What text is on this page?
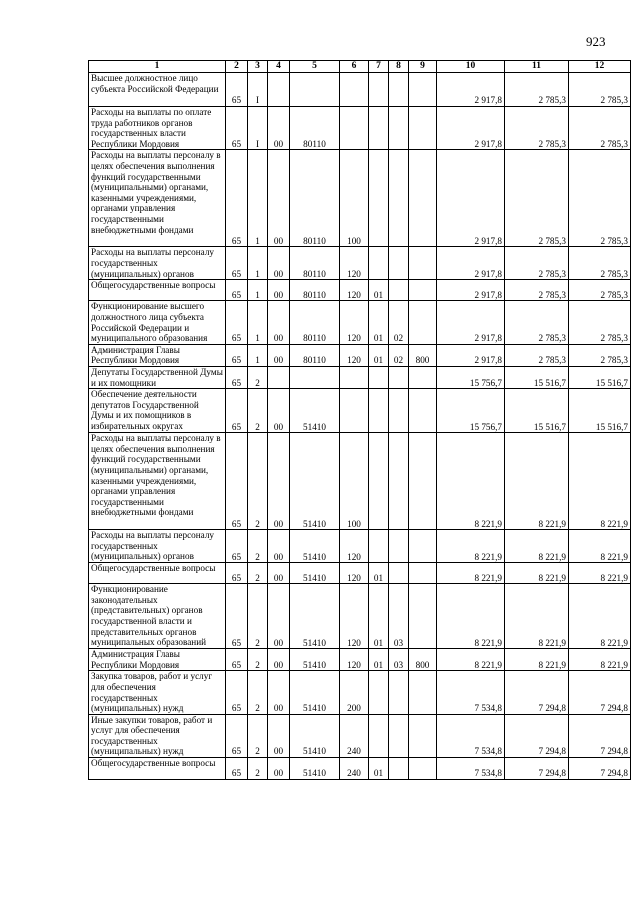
923
1	2	3	4	5	6	7	8	9	10	11	12
Высшее должностное лицо субъекта Российской Федерации	65	I							2 917,8	2 785,3	2 785,3
Расходы на выплаты по оплате труда работников органов государственных власти Республики Мордовия	65	I	00	80110					2 917,8	2 785,3	2 785,3
Расходы на выплаты персоналу в целях обеспечения выполнения функций государственными (муниципальными) органами, казенными учреждениями, органами управления государственными внебюджетными фондами	65	1	00	80110	100				2 917,8	2 785,3	2 785,3
Расходы на выплаты персоналу государственных (муниципальных) органов	65	1	00	80110	120				2 917,8	2 785,3	2 785,3
Общегосударственные вопросы	65	1	00	80110	120	01			2 917,8	2 785,3	2 785,3
Функционирование высшего должностного лица субъекта Российской Федерации и муниципального образования	65	1	00	80110	120	01	02		2 917,8	2 785,3	2 785,3
Администрация Главы Республики Мордовия	65	1	00	80110	120	01	02	800	2 917,8	2 785,3	2 785,3
Депутаты Государственной Думы и их помощники	65	2							15 756,7	15 516,7	15 516,7
Обеспечение деятельности депутатов Государственной Думы и их помощников в избирательных округах	65	2	00	51410					15 756,7	15 516,7	15 516,7
Расходы на выплаты персоналу в целях обеспечения выполнения функций государственными (муниципальными) органами, казенными учреждениями, органами управления государственными внебюджетными фондами	65	2	00	51410	100				8 221,9	8 221,9	8 221,9
Расходы на выплаты персоналу государственных (муниципальных) органов	65	2	00	51410	120				8 221,9	8 221,9	8 221,9
Общегосударственные вопросы	65	2	00	51410	120	01			8 221,9	8 221,9	8 221,9
Функционирование законодательных (представительных) органов государственной власти и представительных органов муниципальных образований	65	2	00	51410	120	01	03		8 221,9	8 221,9	8 221,9
Администрация Главы Республики Мордовия	65	2	00	51410	120	01	03	800	8 221,9	8 221,9	8 221,9
Закупка товаров, работ и услуг для обеспечения государственных (муниципальных) нужд	65	2	00	51410	200				7 534,8	7 294,8	7 294,8
Иные закупки товаров, работ и услуг для обеспечения государственных (муниципальных) нужд	65	2	00	51410	240				7 534,8	7 294,8	7 294,8
Общегосударственные вопросы	65	2	00	51410	240	01			7 534,8	7 294,8	7 294,8
